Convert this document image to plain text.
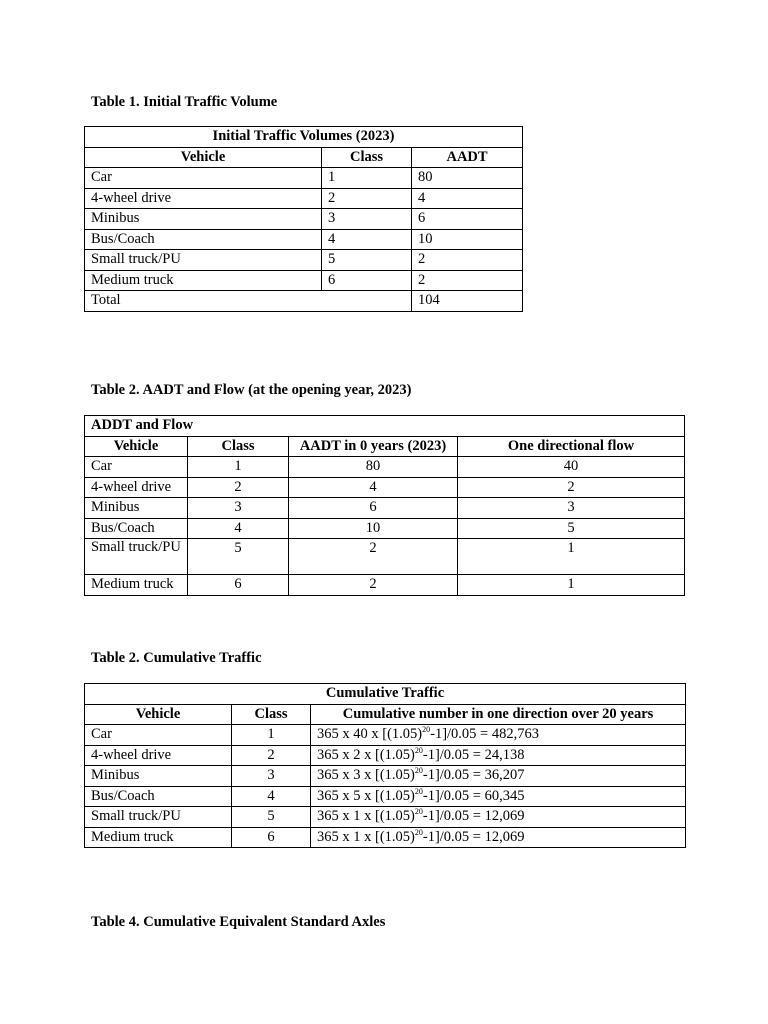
Table 1. Initial Traffic Volume
Initial Traffic Volumes (2023)		
Vehicle	Class	AADT
Car	1	80
4-wheel drive	2	4
Minibus	3	6
Bus/Coach	4	10
Small truck/PU	5	2
Medium truck	6	2
Total		104
Table 2. AADT and Flow (at the opening year, 2023)
ADDT and Flow			
Vehicle	Class	AADT in 0 years (2023)	One directional flow
Car	1	80	40
4-wheel drive	2	4	2
Minibus	3	6	3
Bus/Coach	4	10	5
Small truck/PU	5	2	1
Medium truck	6	2	1
Table 2. Cumulative Traffic
Cumulative Traffic		
Vehicle	Class	Cumulative number in one direction over 20 years
Car	1	365 x 40 x $[(1.05)^{20}-1]/0.05 = 482,763$
4-wheel drive	2	365 x 2 x $[(1.05)^{20}-1]/0.05 = 24,138$
Minibus	3	365 x 3 x $[(1.05)^{20}-1]/0.05 = 36,207$
Bus/Coach	4	365 x 5 x $[(1.05)^{20}-1]/0.05 = 60,345$
Small truck/PU	5	365 x 1 x $[(1.05)^{20}-1]/0.05 = 12,069$
Medium truck	6	365 x 1 x $[(1.05)^{20}-1]/0.05 = 12,069$
Table 4. Cumulative Equivalent Standard Axles
